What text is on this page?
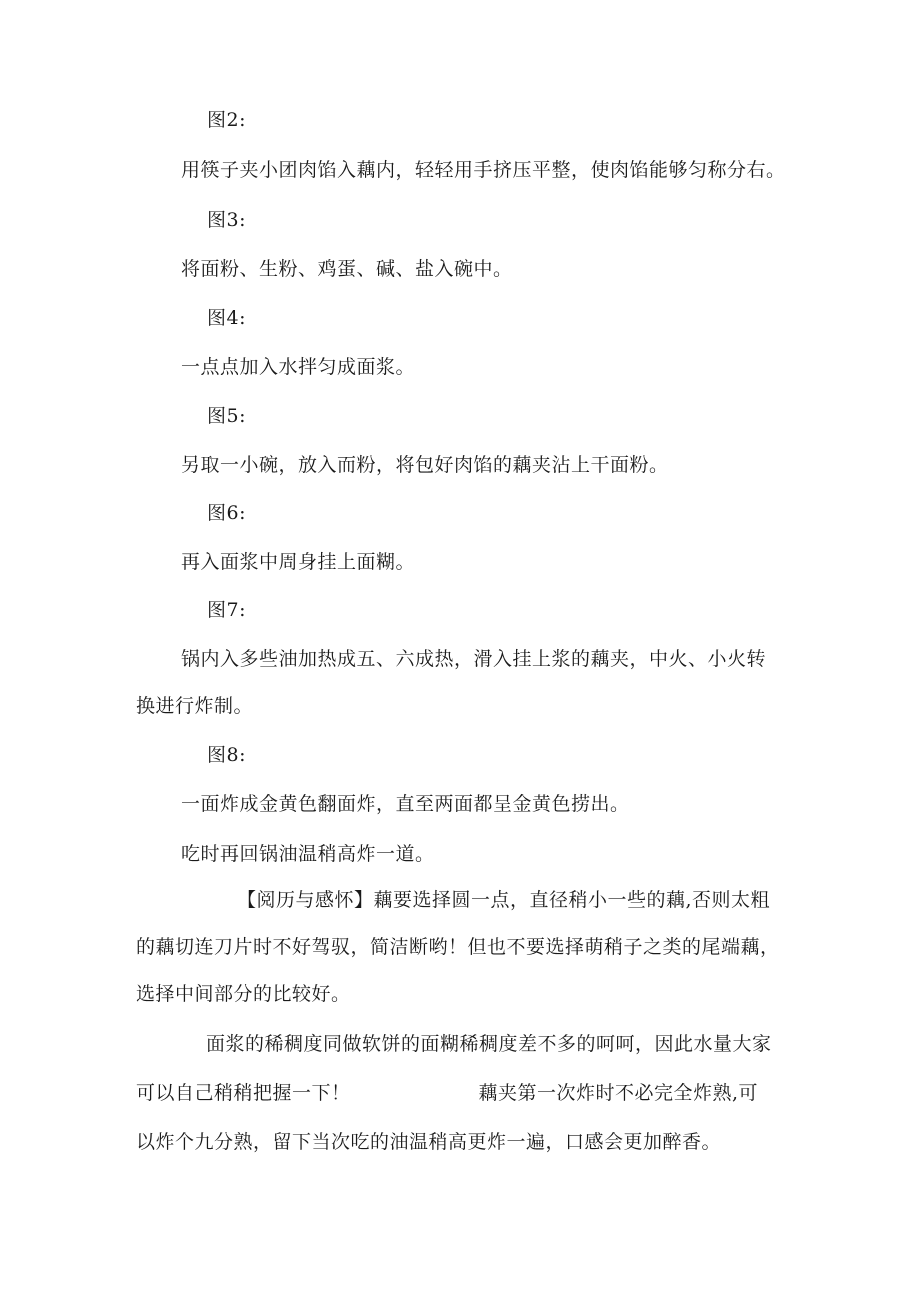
图2:
用筷子夹小团肉馅入藕内，轻轻用手挤压平整，使肉馅能够匀称分右。
图3:
将面粉、生粉、鸡蛋、碱、盐入碗中。
图4:
一点点加入水拌匀成面浆。
图5:
另取一小碗，放入而粉，将包好肉馅的藕夹沾上干面粉。
图6:
再入面浆中周身挂上面糊。
图7:
锅内入多些油加热成五、六成热，滑入挂上浆的藕夹，中火、小火转
换进行炸制。
图8:
一面炸成金黄色翻面炸，直至两面都呈金黄色捞出。
吃时再回锅油温稍高炸一道。
【阅历与感怀】藕要选择圆一点，直径稍小一些的藕,否则太粗
的藕切连刀片时不好驾驭，简洁断哟！但也不要选择萌稍子之类的尾端藕，
选择中间部分的比较好。
面浆的稀稠度同做软饼的面糊稀稠度差不多的呵呵，因此水量大家
可以自己稍稍把握一下！	藕夹第一次炸时不必完全炸熟,可
以炸个九分熟，留下当次吃的油温稍高更炸一遍，口感会更加醉香。
